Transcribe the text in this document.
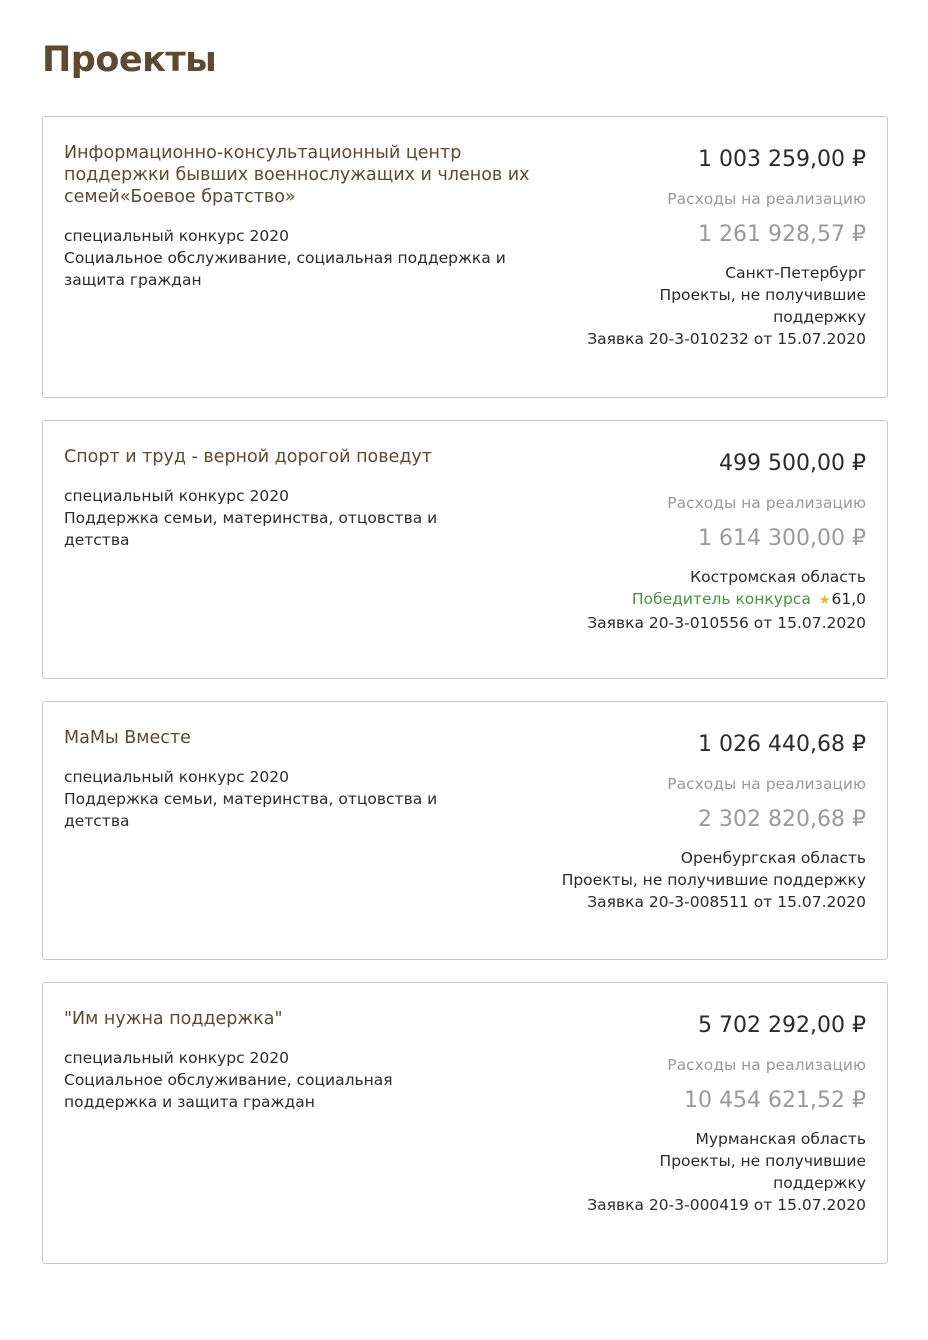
Проекты
Информационно-консультационный центр поддержки бывших военнослужащих и членов их семей«Боевое братство»
специальный конкурс 2020
Социальное обслуживание, социальная поддержка и защита граждан
1 003 259,00 ₽
Расходы на реализацию
1 261 928,57 ₽
Санкт-Петербург
Проекты, не получившие поддержку
Заявка 20-3-010232 от 15.07.2020
Спорт и труд - верной дорогой поведут
специальный конкурс 2020
Поддержка семьи, материнства, отцовства и детства
499 500,00 ₽
Расходы на реализацию
1 614 300,00 ₽
Костромская область
Победитель конкурса ★61,0
Заявка 20-3-010556 от 15.07.2020
МаМы Вместе
специальный конкурс 2020
Поддержка семьи, материнства, отцовства и детства
1 026 440,68 ₽
Расходы на реализацию
2 302 820,68 ₽
Оренбургская область
Проекты, не получившие поддержку
Заявка 20-3-008511 от 15.07.2020
"Им нужна поддержка"
специальный конкурс 2020
Социальное обслуживание, социальная поддержка и защита граждан
5 702 292,00 ₽
Расходы на реализацию
10 454 621,52 ₽
Мурманская область
Проекты, не получившие поддержку
Заявка 20-3-000419 от 15.07.2020
